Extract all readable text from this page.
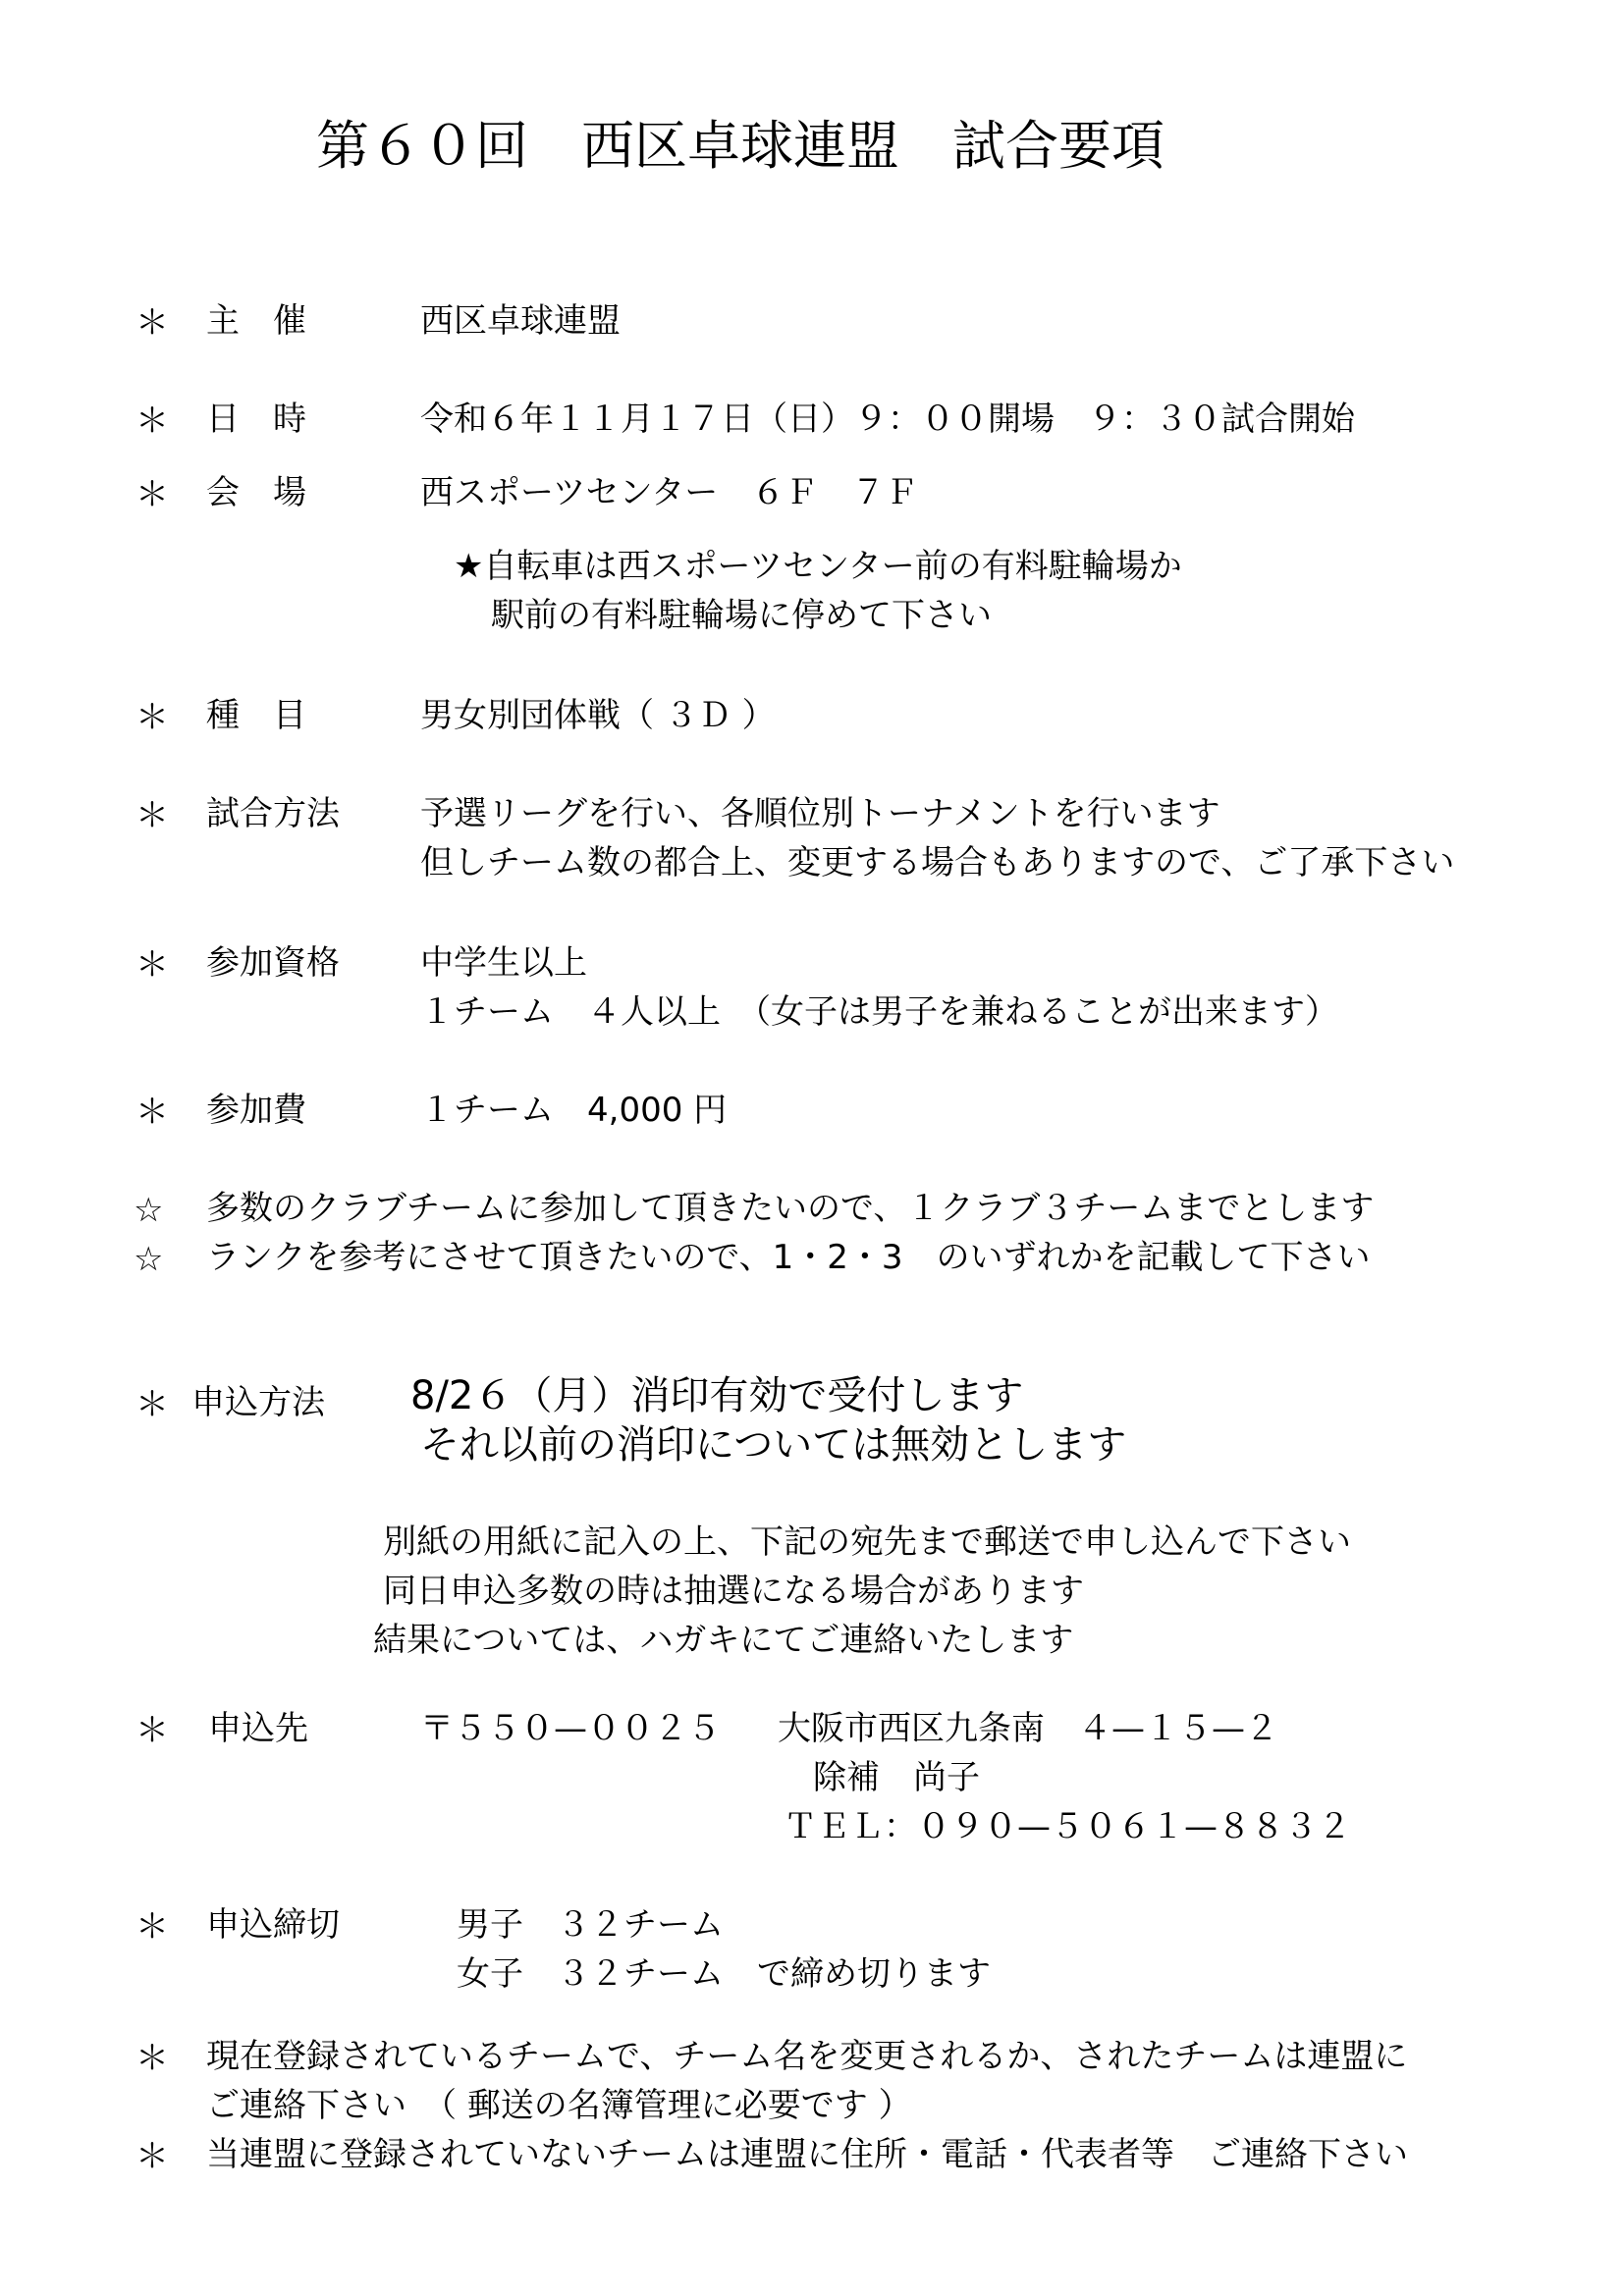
第６０回　西区卓球連盟　試合要項
＊ 主　催	西区卓球連盟
＊ 日　時	令和６年１１月１７日（日）９：００開場　９：３０試合開始
＊ 会　場	西スポーツセンター　６Ｆ　７Ｆ
★自転車は西スポーツセンター前の有料駐輪場か
駅前の有料駐輪場に停めて下さい
＊ 種　目	男女別団体戦（ ３Ｄ ）
＊ 試合方法 予選リーグを行い、各順位別トーナメントを行います
但しチーム数の都合上、変更する場合もありますので、ご了承下さい
＊ 参加資格 中学生以上
１チーム　４人以上　（女子は男子を兼ねることが出来ます）
＊ 参加費	１チーム　4,000 円
☆ 多数のクラブチームに参加して頂きたいので、１クラブ３チームまでとします
☆ ランクを参考にさせて頂きたいので、1・2・3　のいずれかを記載して下さい
＊ 申込方法 8/2６（月）消印有効で受付します
それ以前の消印については無効とします
別紙の用紙に記入の上、下記の宛先まで郵送で申し込んで下さい
同日申込多数の時は抽選になる場合があります
結果については、ハガキにてご連絡いたします
＊ 申込先	〒５５０—００２５ 大阪市西区九条南　４—１５—２
除補　尚子
ＴＥＬ：０９０—５０６１—８８３２
＊ 申込締切	男子　３２チーム
女子　３２チーム　で締め切ります
＊ 現在登録されているチームで、チーム名を変更されるか、されたチームは連盟に
ご連絡下さい　（ 郵送の名簿管理に必要です ）
＊ 当連盟に登録されていないチームは連盟に住所・電話・代表者等　ご連絡下さい
